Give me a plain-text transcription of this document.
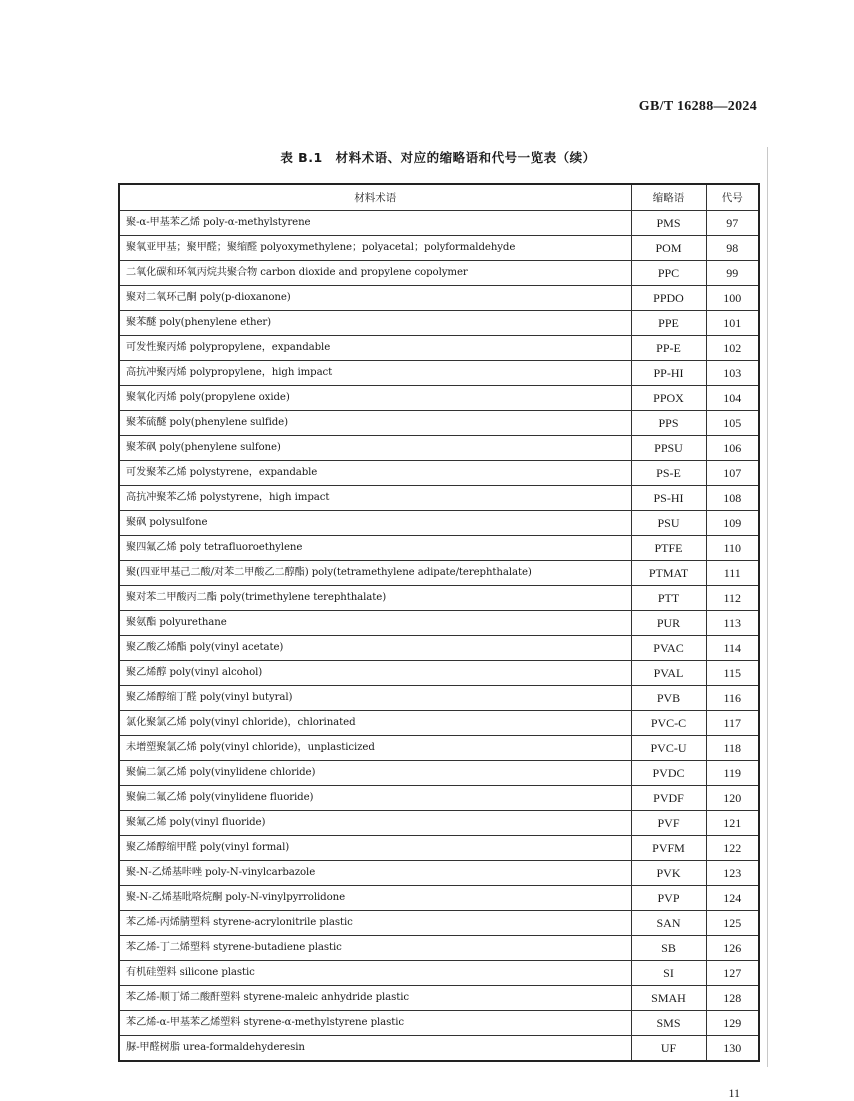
GB/T 16288—2024
表 B.1　材料术语、对应的缩略语和代号一览表（续）
材料术语	缩略语	代号
聚-α-甲基苯乙烯 poly-α-methylstyrene	PMS	97
聚氧亚甲基；聚甲醛；聚缩醛 polyoxymethylene；polyacetal；polyformaldehyde	POM	98
二氧化碳和环氧丙烷共聚合物 carbon dioxide and propylene copolymer	PPC	99
聚对二氧环己酮 poly(p-dioxanone)	PPDO	100
聚苯醚 poly(phenylene ether)	PPE	101
可发性聚丙烯 polypropylene，expandable	PP-E	102
高抗冲聚丙烯 polypropylene，high impact	PP-HI	103
聚氧化丙烯 poly(propylene oxide)	PPOX	104
聚苯硫醚 poly(phenylene sulfide)	PPS	105
聚苯砜 poly(phenylene sulfone)	PPSU	106
可发聚苯乙烯 polystyrene，expandable	PS-E	107
高抗冲聚苯乙烯 polystyrene，high impact	PS-HI	108
聚砜 polysulfone	PSU	109
聚四氟乙烯 poly tetrafluoroethylene	PTFE	110
聚(四亚甲基己二酸/对苯二甲酸乙二醇酯) poly(tetramethylene adipate/terephthalate)	PTMAT	111
聚对苯二甲酸丙二酯 poly(trimethylene terephthalate)	PTT	112
聚氨酯 polyurethane	PUR	113
聚乙酸乙烯酯 poly(vinyl acetate)	PVAC	114
聚乙烯醇 poly(vinyl alcohol)	PVAL	115
聚乙烯醇缩丁醛 poly(vinyl butyral)	PVB	116
氯化聚氯乙烯 poly(vinyl chloride)，chlorinated	PVC-C	117
未增塑聚氯乙烯 poly(vinyl chloride)，unplasticized	PVC-U	118
聚偏二氯乙烯 poly(vinylidene chloride)	PVDC	119
聚偏二氟乙烯 poly(vinylidene fluoride)	PVDF	120
聚氟乙烯 poly(vinyl fluoride)	PVF	121
聚乙烯醇缩甲醛 poly(vinyl formal)	PVFM	122
聚-N-乙烯基咔唑 poly-N-vinylcarbazole	PVK	123
聚-N-乙烯基吡咯烷酮 poly-N-vinylpyrrolidone	PVP	124
苯乙烯-丙烯腈塑料 styrene-acrylonitrile plastic	SAN	125
苯乙烯-丁二烯塑料 styrene-butadiene plastic	SB	126
有机硅塑料 silicone plastic	SI	127
苯乙烯-顺丁烯二酸酐塑料 styrene-maleic anhydride plastic	SMAH	128
苯乙烯-α-甲基苯乙烯塑料 styrene-α-methylstyrene plastic	SMS	129
脲-甲醛树脂 urea-formaldehyderesin	UF	130
11
